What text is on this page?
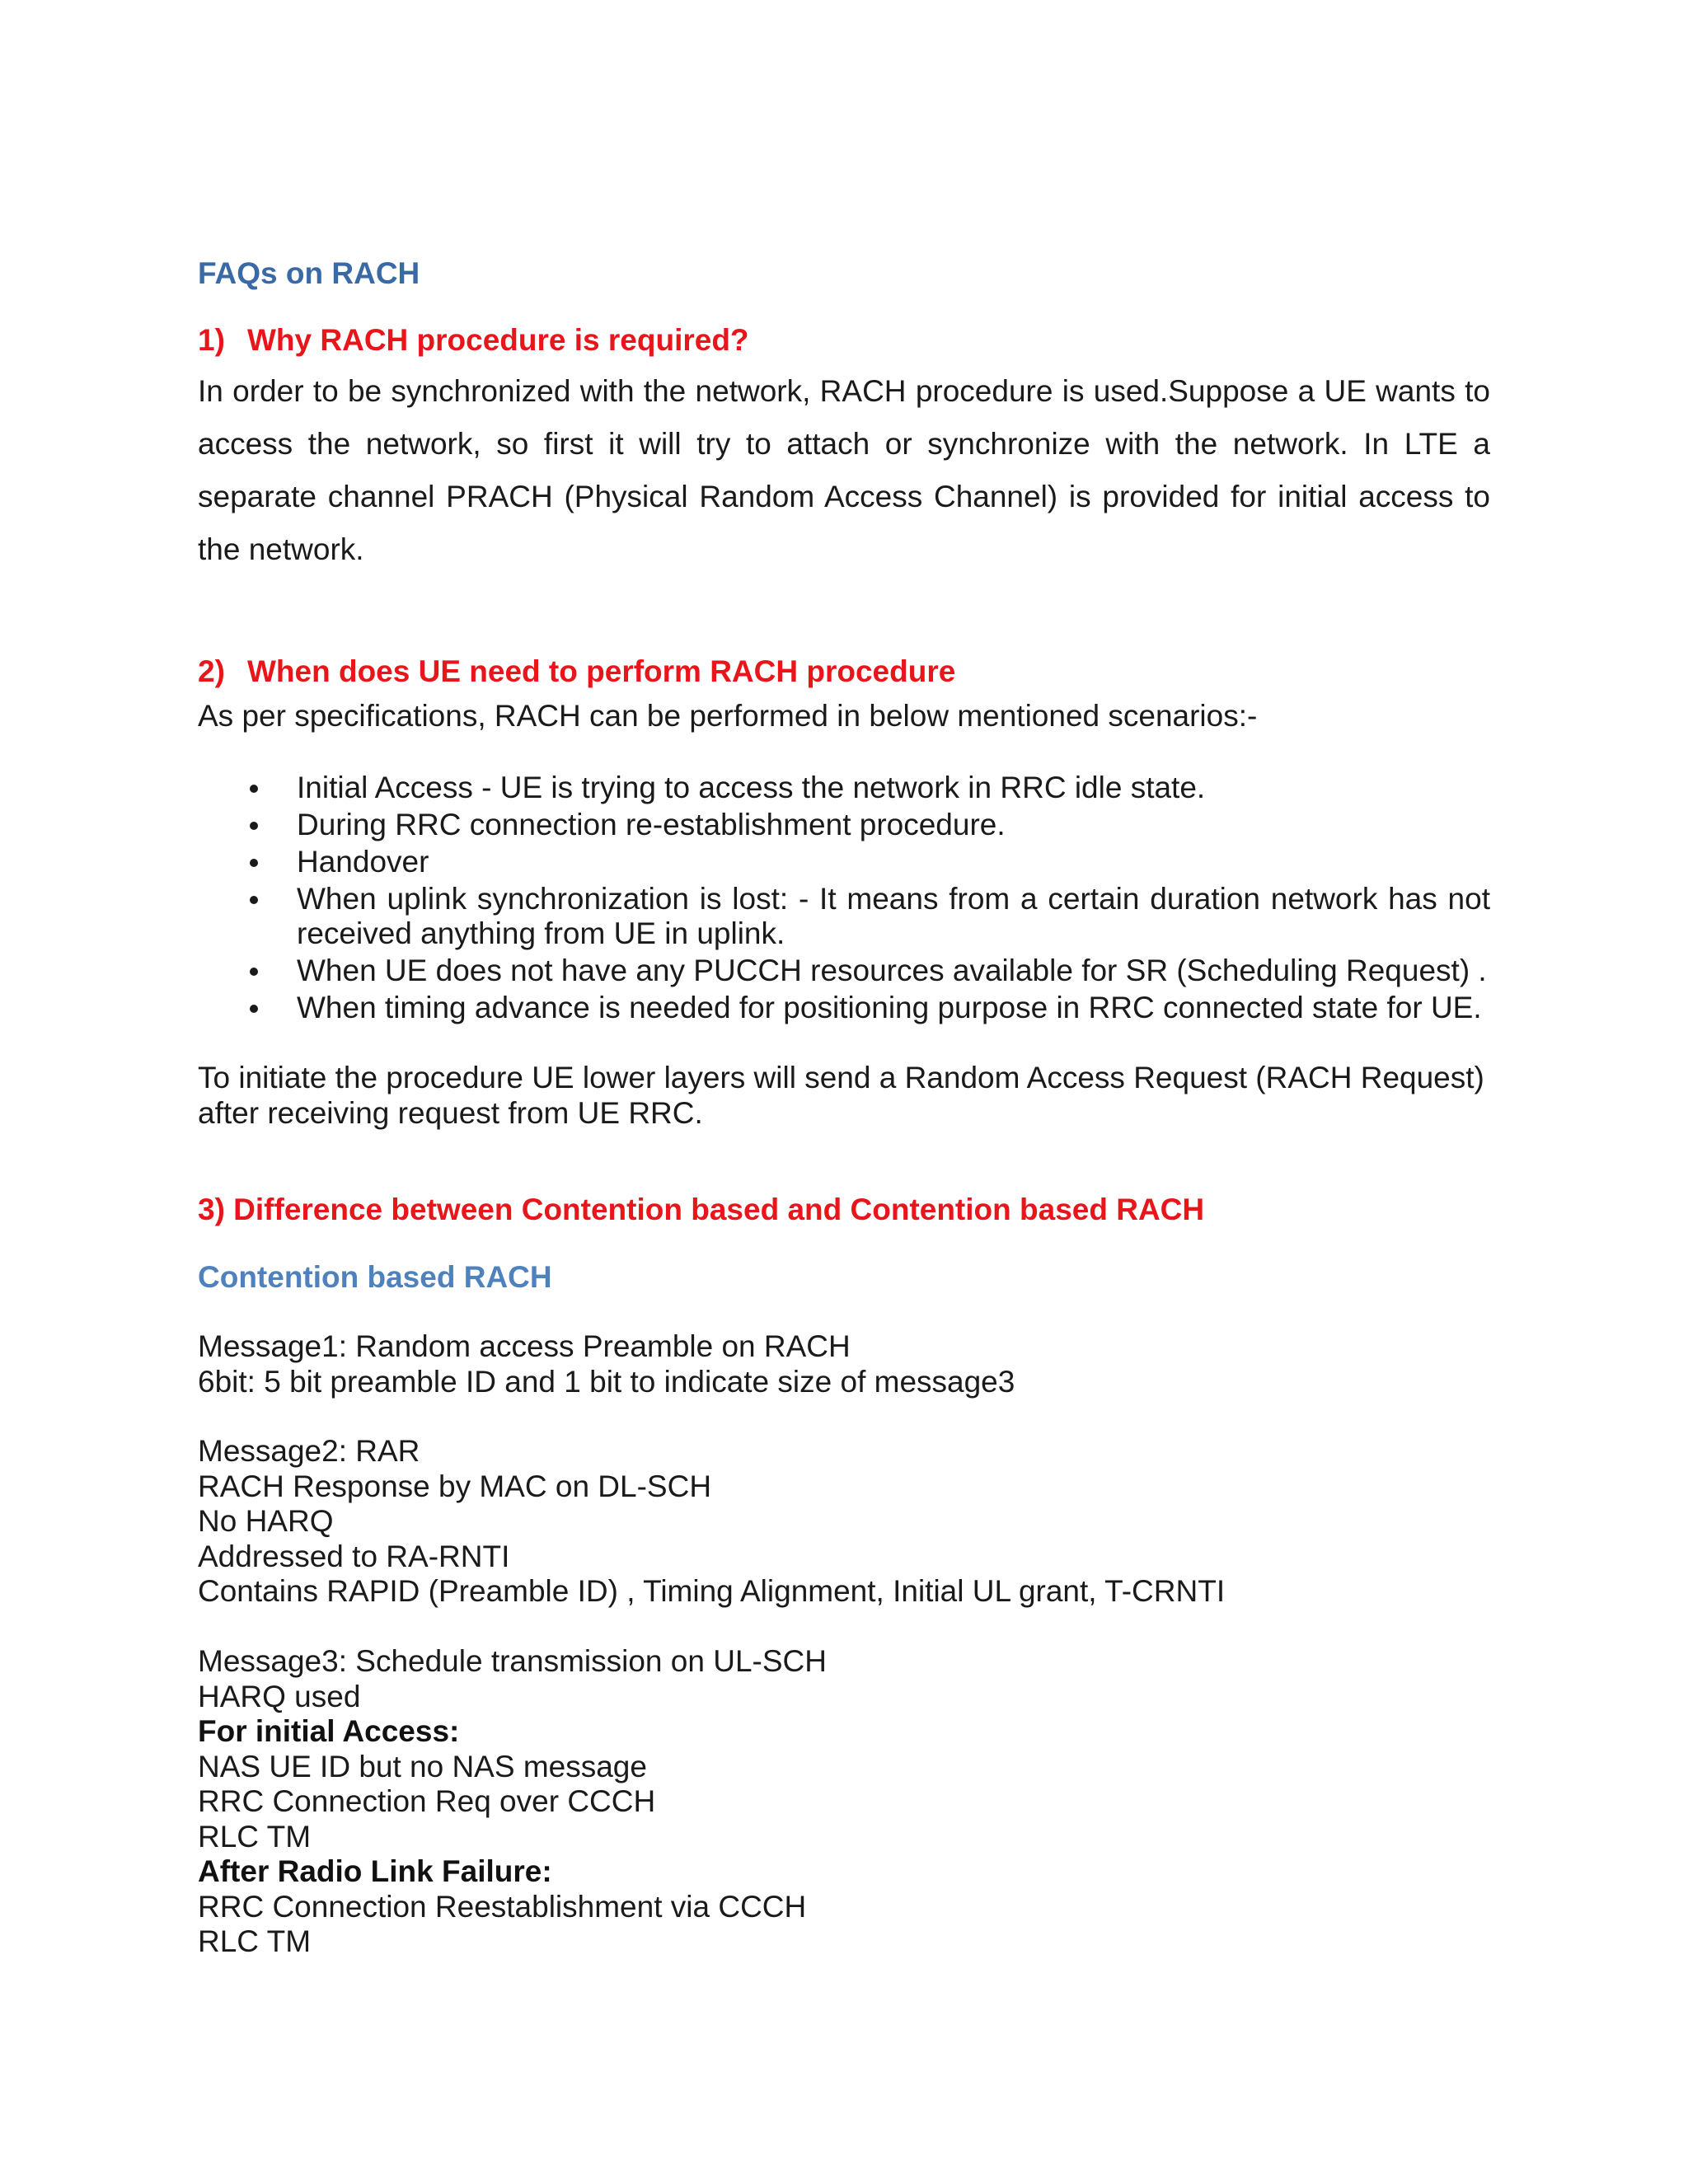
FAQs on RACH
1) Why RACH procedure is required?

In order to be synchronized with the network, RACH procedure is used.Suppose a UE wants to access the network, so first it will try to attach or synchronize with the network. In LTE a separate channel PRACH (Physical Random Access Channel) is provided for initial access to the network.

2) When does UE need to perform RACH procedure

As per specifications, RACH can be performed in below mentioned scenarios:-

Initial Access - UE is trying to access the network in RRC idle state.
During RRC connection re-establishment procedure.
Handover
When uplink synchronization is lost: - It means from a certain duration network has not received anything from UE in uplink.
When UE does not have any PUCCH resources available for SR (Scheduling Request) .
When timing advance is needed for positioning purpose in RRC connected state for UE.

To initiate the procedure UE lower layers will send a Random Access Request (RACH Request) after receiving request from UE RRC.

3) Difference between Contention based and Contention based RACH
Contention based RACH
Message1: Random access Preamble on RACH
6bit: 5 bit preamble ID and 1 bit to indicate size of message3
Message2: RAR
RACH Response by MAC on DL-SCH
No HARQ
Addressed to RA-RNTI
Contains RAPID (Preamble ID) , Timing Alignment, Initial UL grant, T-CRNTI
Message3: Schedule transmission on UL-SCH
HARQ used
For initial Access:
NAS UE ID but no NAS message
RRC Connection Req over CCCH
RLC TM
After Radio Link Failure:
RRC Connection Reestablishment via CCCH
RLC TM
